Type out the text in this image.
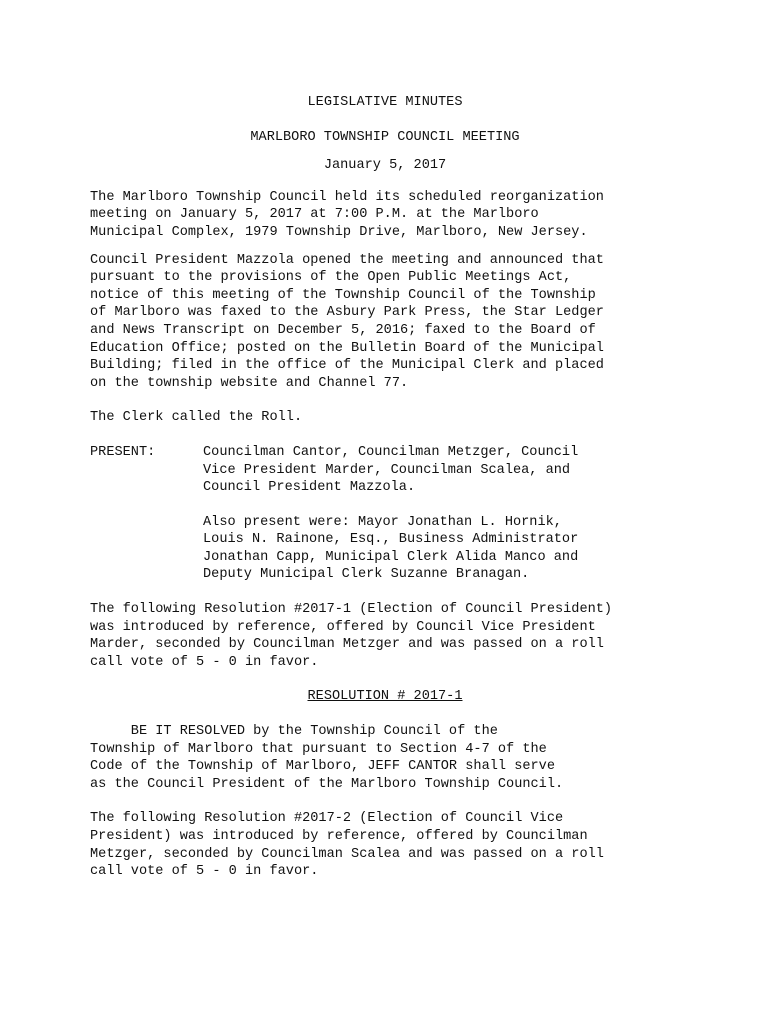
LEGISLATIVE MINUTES
MARLBORO TOWNSHIP COUNCIL MEETING
January 5, 2017

The Marlboro Township Council held its scheduled reorganization
meeting on January 5, 2017 at 7:00 P.M. at the Marlboro
Municipal Complex, 1979 Township Drive, Marlboro, New Jersey.

Council President Mazzola opened the meeting and announced that
pursuant to the provisions of the Open Public Meetings Act,
notice of this meeting of the Township Council of the Township
of Marlboro was faxed to the Asbury Park Press, the Star Ledger
and News Transcript on December 5, 2016; faxed to the Board of
Education Office; posted on the Bulletin Board of the Municipal
Building; filed in the office of the Municipal Clerk and placed
on the township website and Channel 77.

The Clerk called the Roll.

PRESENT:	Councilman Cantor, Councilman Metzger, Council
Vice President Marder, Councilman Scalea, and
Council President Mazzola.

Also present were: Mayor Jonathan L. Hornik,
Louis N. Rainone, Esq., Business Administrator
Jonathan Capp, Municipal Clerk Alida Manco and
Deputy Municipal Clerk Suzanne Branagan.

The following Resolution #2017-1 (Election of Council President)
was introduced by reference, offered by Council Vice President
Marder, seconded by Councilman Metzger and was passed on a roll
call vote of 5 - 0 in favor.

RESOLUTION # 2017-1

BE IT RESOLVED by the Township Council of the
Township of Marlboro that pursuant to Section 4-7 of the
Code of the Township of Marlboro, JEFF CANTOR shall serve
as the Council President of the Marlboro Township Council.

The following Resolution #2017-2 (Election of Council Vice
President) was introduced by reference, offered by Councilman
Metzger, seconded by Councilman Scalea and was passed on a roll
call vote of 5 - 0 in favor.
